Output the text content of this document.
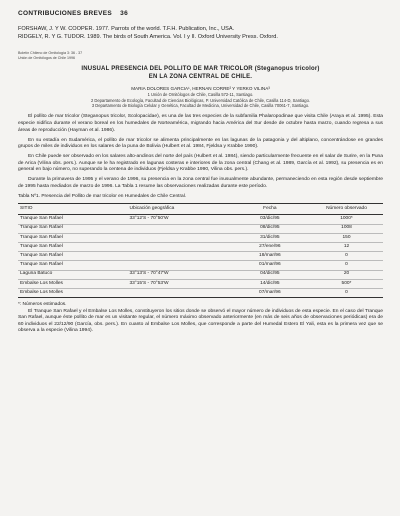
CONTRIBUCIONES BREVES 36
FORSHAW, J. Y W. COOPER. 1977. Parrots of the world. T.F.H. Publication, Inc., USA.
RIDGELY, R. Y G. TUDOR. 1989. The birds of South America. Vol. I y II. Oxford University Press. Oxford.
Boletín Chileno de Ornitología 3: 36 - 37
Unión de Ornitólogos de Chile 1996
INUSUAL PRESENCIA DEL POLLITO DE MAR TRICOLOR (Steganopus tricolor)
EN LA ZONA CENTRAL DE CHILE.
MARIA DOLORES GARCIA¹, HERNAN CORRE² Y YERKO VILINA³
1 Unión de Ornitólogos de Chile, Casilla 572-11, Santiago.
2 Departamento de Ecología, Facultad de Ciencias Biológicas, P. Universidad Católica de Chile, Casilla 114-D, Santiago.
3 Departamento de Biología Celular y Genética, Facultad de Medicina, Universidad de Chile, Casilla 70061-7, Santiago.

El pollito de mar tricolor (Steganopus tricolor, Scolopacidae), es una de las tres especies de la subfamilia Phalaropodinae que visita Chile (Araya et al. 1995). Esta especie nidifica durante el verano boreal en los humedales de Norteamérica, migrando hacia América del Sur desde de octubre hasta marzo, cuando regresa a sus áreas de reproducción (Hayman et al. 1986).

En su estadía en Sudamérica, el pollito de mar tricolor se alimenta principalmente en las lagunas de la patagonia y del altiplano, concentrándose en grandes grupos de miles de individuos en los salares de la puna de Bolivia (Hulbert et al. 1984, Fjeldsa y Krabbe 1990).

En Chile puede ser observado en los salares alto-andinos del norte del país (Hulbert et al. 1984), siendo particularmente frecuente en el salar de Surire, en la Puna de Arica (Vilina obs. pers.). Aunque se le ha registrado en lagunas costeras e interiores de la zona central (Chang et al. 1989, García et al. 1992), su presencia es en general en bajo número, no superando la centena de individuos (Fjeldsa y Krabbe 1990, Vilina obs. pers.).

Durante la primavera de 1995 y el verano de 1996, su presencia en la zona central fue inusualmente abundante, permaneciendo en esta región desde septiembre de 1995 hasta mediados de marzo de 1996. La Tabla 1 resume las observaciones realizadas durante este período.

Tabla Nº1. Presencia del Pollito de mar tricolor en Humedales de Chile Central.
SITIO	Ubicación geográfica	Fecha	Número observado
Tranque San Rafael	33°12'S - 70°50'W	03/dic/95	1000*
Tranque San Rafael		08/dic/95	1008
Tranque San Rafael		31/dic/95	150
Tranque San Rafael		27/ene/96	12
Tranque San Rafael		18/mar/96	0
Tranque San Rafael		01/mar/96	0
Laguna Batuco	33°13'S - 70°47'W	04/dic/95	20
Embalse Los Molles	33°15'S - 70°53'W	14/dic/95	500*
Embalse Los Molles		07/mar/96	0
*: Números estimados.

El Tranque San Rafael y el Embalse Los Molles, constituyeron los sitios donde se observó el mayor número de individuos de esta especie. En el caso del Tranque San Rafael, aunque éste pollito de mar es un visitante regular, el número máximo observado anteriormente (en más de seis años de observaciones periódicas) era de 60 individuos el 22/12/90 (García, obs. pers.). En cuanto al Embalse Los Molles, que corresponde a parte del Humedal Estero El Yali, esta es la primera vez que se observa a la especie (Vilina 1994).
